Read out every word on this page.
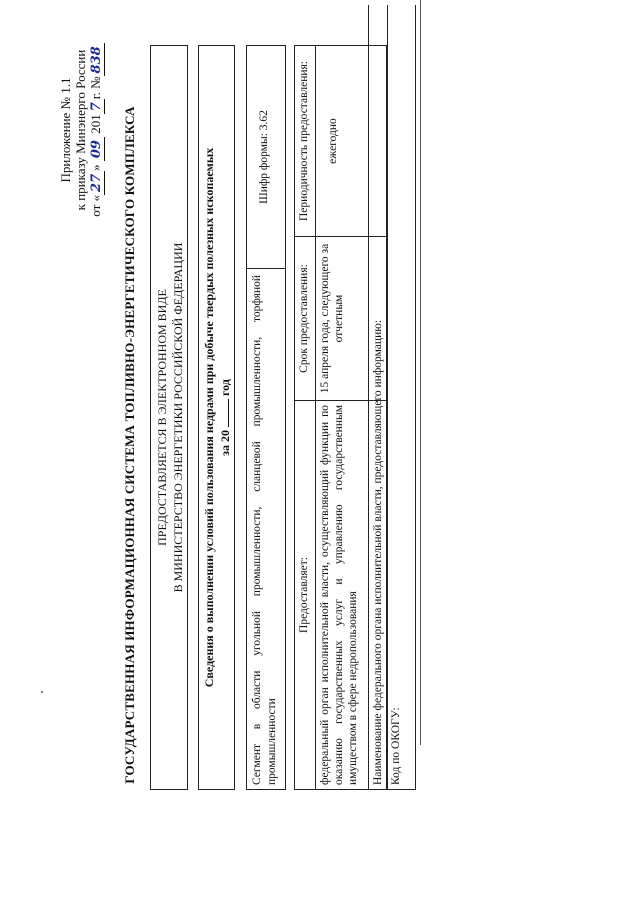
Приложение № 1.1 к приказу Минэнерго России от «27» 09 2017г. №838
ГОСУДАРСТВЕННАЯ ИНФОРМАЦИОННАЯ СИСТЕМА ТОПЛИВНО-ЭНЕРГЕТИЧЕСКОГО КОМПЛЕКСА ПРЕДОСТАВЛЯЕТСЯ В ЭЛЕКТРОННОМ ВИДЕ В МИНИСТЕРСТВО ЭНЕРГЕТИКИ РОССИЙСКОЙ ФЕДЕРАЦИИ Сведения о выполнении условий пользования недрами при добыче твердых полезных ископаемых за 20  год Сегмент в области угольной промышленности, сланцевой промышленности, торфяной промышленности
Шифр формы: 3.62
Предоставляет:	Срок предоставления:	Периодичность предоставления:
федеральный орган исполнительной власти, осуществляющий функции по оказанию государственных услуг и управлению государственным имуществом в сфере недропользования	15 апреля года, следующего за отчетным	ежегодно
Наименование федерального органа исполнительной власти, предоставляющего информацию: Код по ОКОГУ:
